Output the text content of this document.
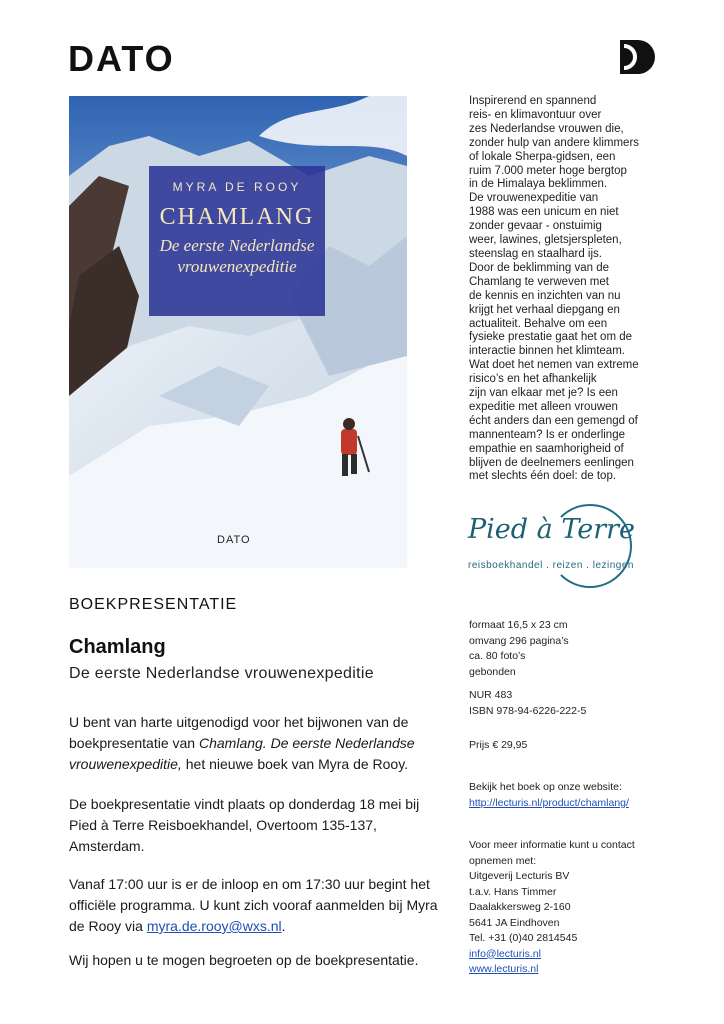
DATO
MYRA DE ROOY
CHAMLANG
De eerste Nederlandse
vrouwenexpeditie
DATO
Inspirerend en spannend
reis- en klimavontuur over
zes Nederlandse vrouwen die,
zonder hulp van andere klimmers
of lokale Sherpa-gidsen, een
ruim 7.000 meter hoge bergtop
in de Himalaya beklimmen.
De vrouwenexpeditie van
1988 was een unicum en niet
zonder gevaar - onstuimig
weer, lawines, gletsjerspleten,
steenslag en staalhard ijs.
Door de beklimming van de
Chamlang te verweven met
de kennis en inzichten van nu
krijgt het verhaal diepgang en
actualiteit. Behalve om een
fysieke prestatie gaat het om de
interactie binnen het klimteam.
Wat doet het nemen van extreme
risico’s en het afhankelijk
zijn van elkaar met je? Is een
expeditie met alleen vrouwen
écht anders dan een gemengd of
mannenteam? Is er onderlinge
empathie en saamhorigheid of
blijven de deelnemers eenlingen
met slechts één doel: de top.
Pied à Terre
reisboekhandel . reizen . lezingen
BOEKPRESENTATIE
Chamlang
De eerste Nederlandse vrouwenexpeditie
U bent van harte uitgenodigd voor het bijwonen van de boekpresentatie van Chamlang. De eerste Nederlandse vrouwenexpeditie, het nieuwe boek van Myra de Rooy.
De boekpresentatie vindt plaats op donderdag 18 mei bij Pied à Terre Reisboekhandel, Overtoom 135-137, Amsterdam.
Vanaf 17:00 uur is er de inloop en om 17:30 uur begint het officiële programma. U kunt zich vooraf aanmelden bij Myra de Rooy via myra.de.rooy@wxs.nl.
Wij hopen u te mogen begroeten op de boekpresentatie.
formaat 16,5 x 23 cm
omvang 296 pagina’s
ca. 80 foto’s
gebonden
NUR 483
ISBN 978-94-6226-222-5
Prijs € 29,95
Bekijk het boek op onze website:
http://lecturis.nl/product/chamlang/
Voor meer informatie kunt u contact
opnemen met:
Uitgeverij Lecturis BV
t.a.v. Hans Timmer
Daalakkersweg 2-160
5641 JA Eindhoven
Tel. +31 (0)40 2814545
info@lecturis.nl
www.lecturis.nl
